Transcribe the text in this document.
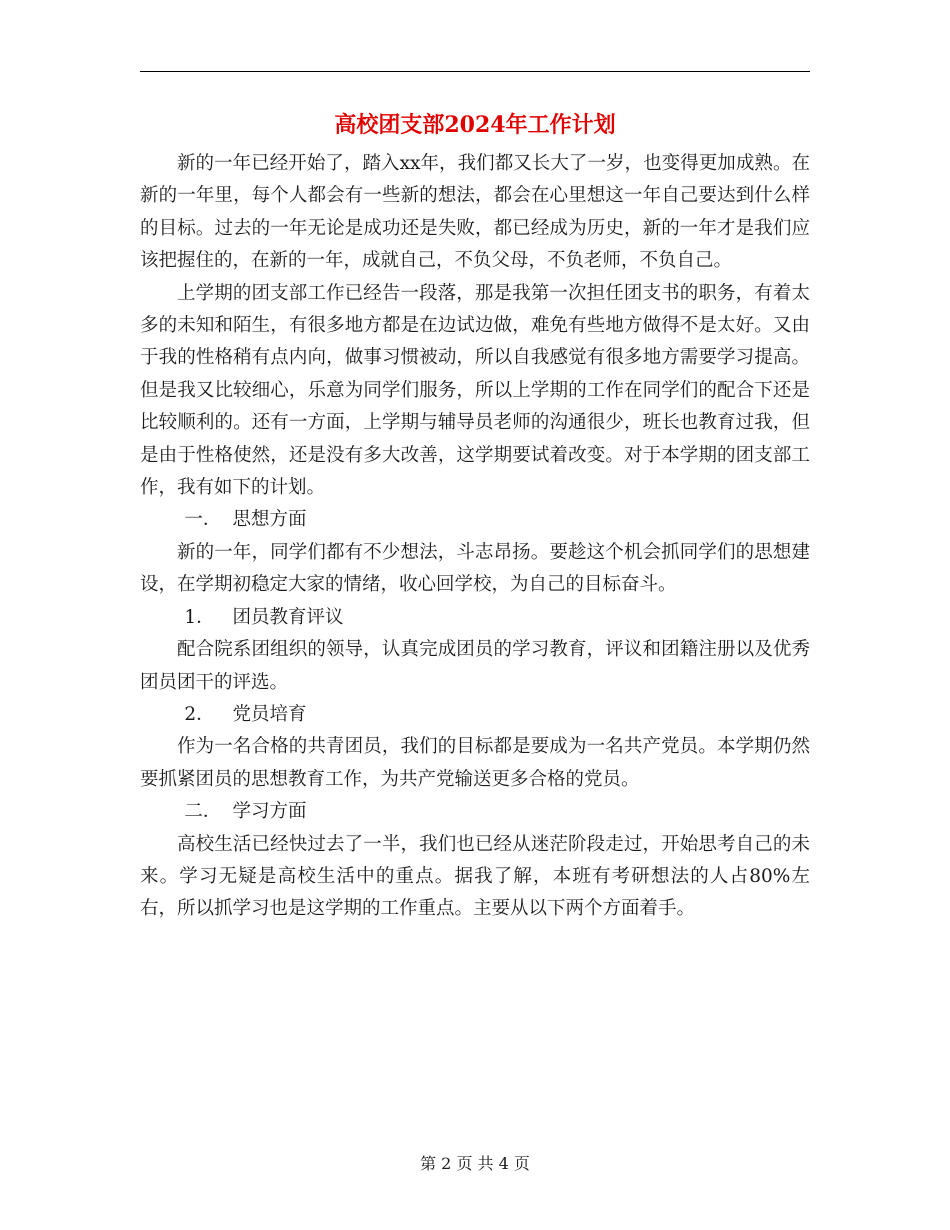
高校团支部2024年工作计划

新的一年已经开始了，踏入xx年，我们都又长大了一岁，也变得更加成熟。在新的一年里，每个人都会有一些新的想法，都会在心里想这一年自己要达到什么样的目标。过去的一年无论是成功还是失败，都已经成为历史，新的一年才是我们应该把握住的，在新的一年，成就自己，不负父母，不负老师，不负自己。

上学期的团支部工作已经告一段落，那是我第一次担任团支书的职务，有着太多的未知和陌生，有很多地方都是在边试边做，难免有些地方做得不是太好。又由于我的性格稍有点内向，做事习惯被动，所以自我感觉有很多地方需要学习提高。但是我又比较细心，乐意为同学们服务，所以上学期的工作在同学们的配合下还是比较顺利的。还有一方面，上学期与辅导员老师的沟通很少，班长也教育过我，但是由于性格使然，还是没有多大改善，这学期要试着改变。对于本学期的团支部工作，我有如下的计划。

一． 思想方面

新的一年，同学们都有不少想法，斗志昂扬。要趁这个机会抓同学们的思想建设，在学期初稳定大家的情绪，收心回学校，为自己的目标奋斗。

1． 团员教育评议

配合院系团组织的领导，认真完成团员的学习教育，评议和团籍注册以及优秀团员团干的评选。

2． 党员培育

作为一名合格的共青团员，我们的目标都是要成为一名共产党员。本学期仍然要抓紧团员的思想教育工作，为共产党输送更多合格的党员。

二． 学习方面

高校生活已经快过去了一半，我们也已经从迷茫阶段走过，开始思考自己的未来。学习无疑是高校生活中的重点。据我了解，本班有考研想法的人占80%左右，所以抓学习也是这学期的工作重点。主要从以下两个方面着手。

第 2 页 共 4 页
